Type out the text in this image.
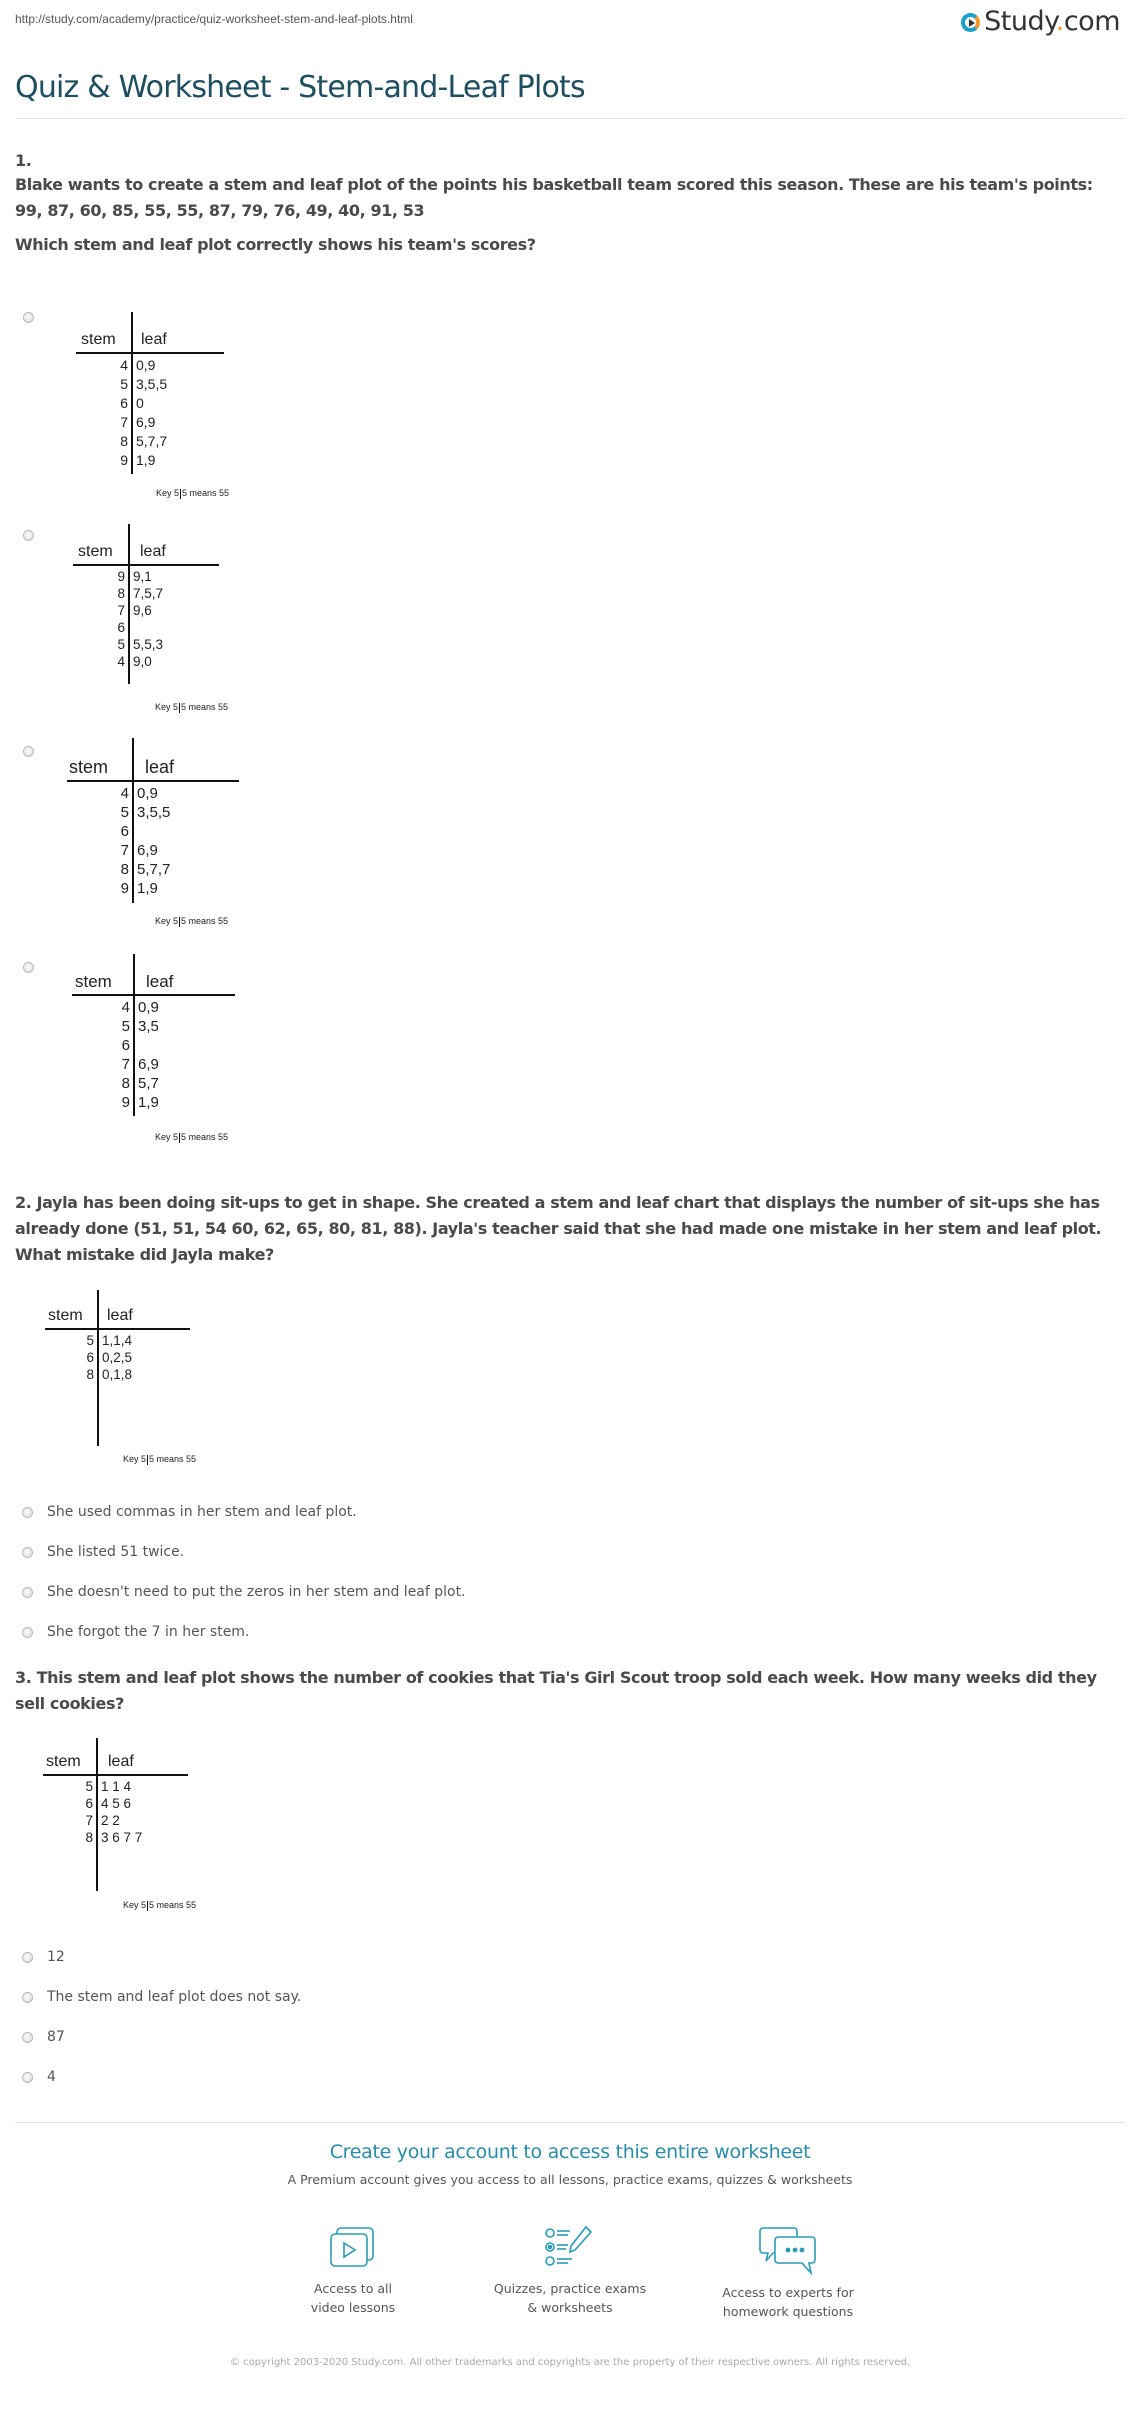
http://study.com/academy/practice/quiz-worksheet-stem-and-leaf-plots.html	Study.com
Quiz & Worksheet - Stem-and-Leaf Plots
1.
Blake wants to create a stem and leaf plot of the points his basketball team scored this season. These are his team's points: 99, 87, 60, 85, 55, 55, 87, 79, 76, 49, 40, 91, 53
Which stem and leaf plot correctly shows his team's scores?
stem leaf
4 0,9
5 3,5,5
6 0
7 6,9
8 5,7,7
9 1,9
Key 5 5 means 55
stem leaf
9 9,1
8 7,5,7
7 9,6
6
5 5,5,3
4 9,0
Key 5 5 means 55
stem leaf
4 0,9
5 3,5,5
6
7 6,9
8 5,7,7
9 1,9
Key 5 5 means 55
stem leaf
4 0,9
5 3,5
6
7 6,9
8 5,7
9 1,9
Key 5 5 means 55
2. Jayla has been doing sit-ups to get in shape. She created a stem and leaf chart that displays the number of sit-ups she has already done (51, 51, 54 60, 62, 65, 80, 81, 88). Jayla's teacher said that she had made one mistake in her stem and leaf plot. What mistake did Jayla make?
stem leaf
5 1,1,4
6 0,2,5
8 0,1,8
Key 5 5 means 55
She used commas in her stem and leaf plot.
She listed 51 twice.
She doesn't need to put the zeros in her stem and leaf plot.
She forgot the 7 in her stem.
3. This stem and leaf plot shows the number of cookies that Tia's Girl Scout troop sold each week. How many weeks did they sell cookies?
stem leaf
5 1 1 4
6 4 5 6
7 2 2
8 3 6 7 7
Key 5 5 means 55
12
The stem and leaf plot does not say.
87
4
Create your account to access this entire worksheet
A Premium account gives you access to all lessons, practice exams, quizzes & worksheets
Access to all
video lessons
Quizzes, practice exams
& worksheets
Access to experts for
homework questions
© copyright 2003-2020 Study.com. All other trademarks and copyrights are the property of their respective owners. All rights reserved.
